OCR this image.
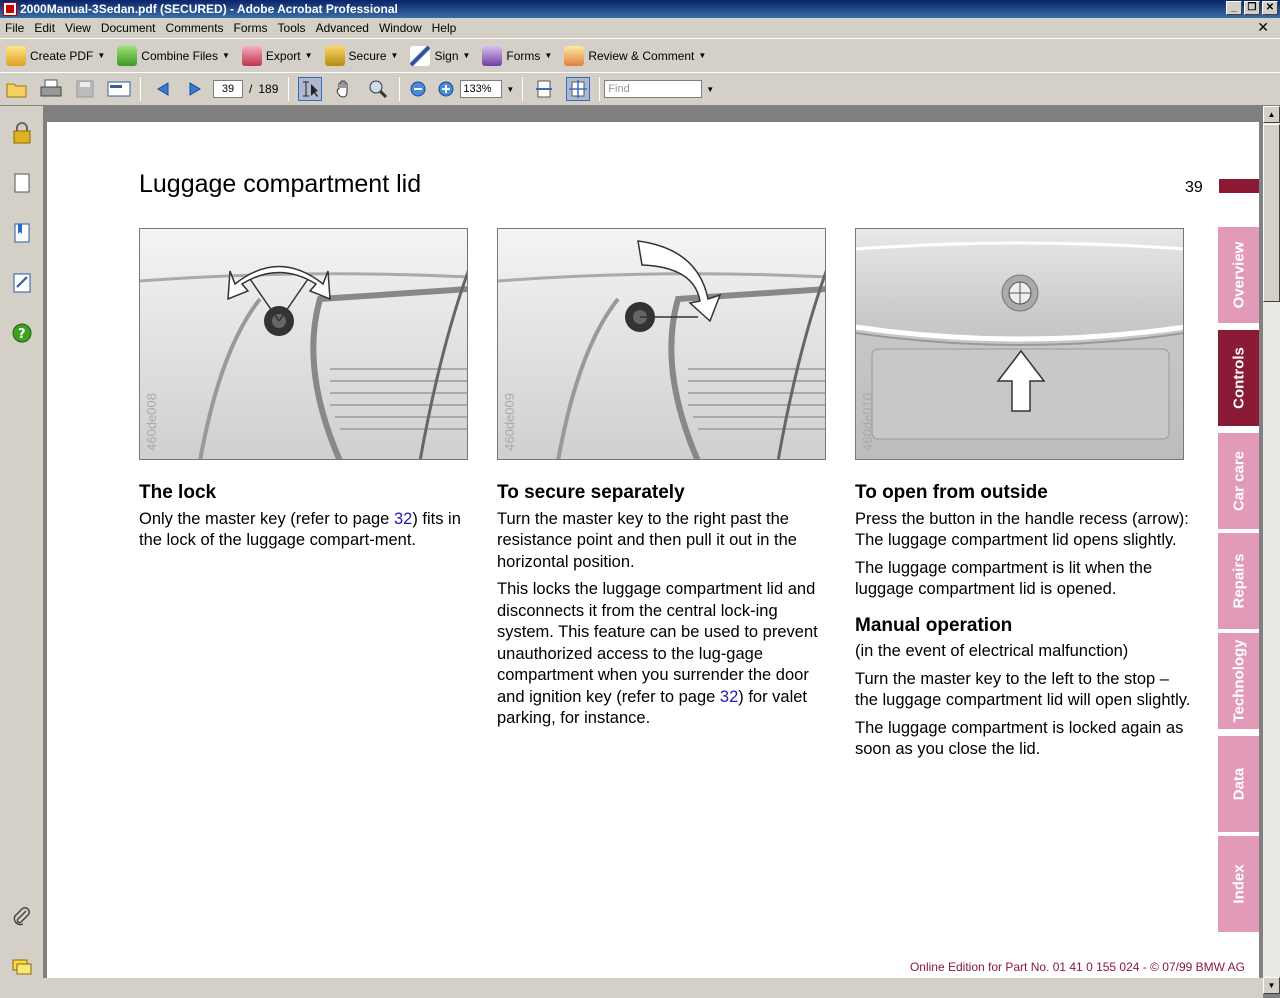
2000Manual-3Sedan.pdf (SECURED) - Adobe Acrobat Professional	_	❐ ✕
File Edit View Document Comments Forms Tools Advanced Window Help	✕
Create PDF ▼	Combine Files ▼	Export ▼	Secure ▼	Sign ▼	Forms ▼	Review & Comment ▼
39	/ 189	133%	▼	Find	▼
?
Luggage compartment lid	39
460de008	460de009	460de010
The lock

Only the master key (refer to page 32) fits in the lock of the luggage compart-ment.

To secure separately

Turn the master key to the right past the resistance point and then pull it out in the horizontal position.

This locks the luggage compartment lid and disconnects it from the central lock-ing system. This feature can be used to prevent unauthorized access to the lug-gage compartment when you surrender the door and ignition key (refer to page 32) for valet parking, for instance.

To open from outside

Press the button in the handle recess (arrow):

The luggage compartment lid opens slightly.

The luggage compartment is lit when the luggage compartment lid is opened.

Manual operation

(in the event of electrical malfunction)

Turn the master key to the left to the stop – the luggage compartment lid will open slightly.

The luggage compartment is locked again as soon as you close the lid.

Overview
Controls
Car care
Repairs
Technology
Data
Index
Online Edition for Part No. 01 41 0 155 024 - © 07/99 BMW AG
▲
▼
